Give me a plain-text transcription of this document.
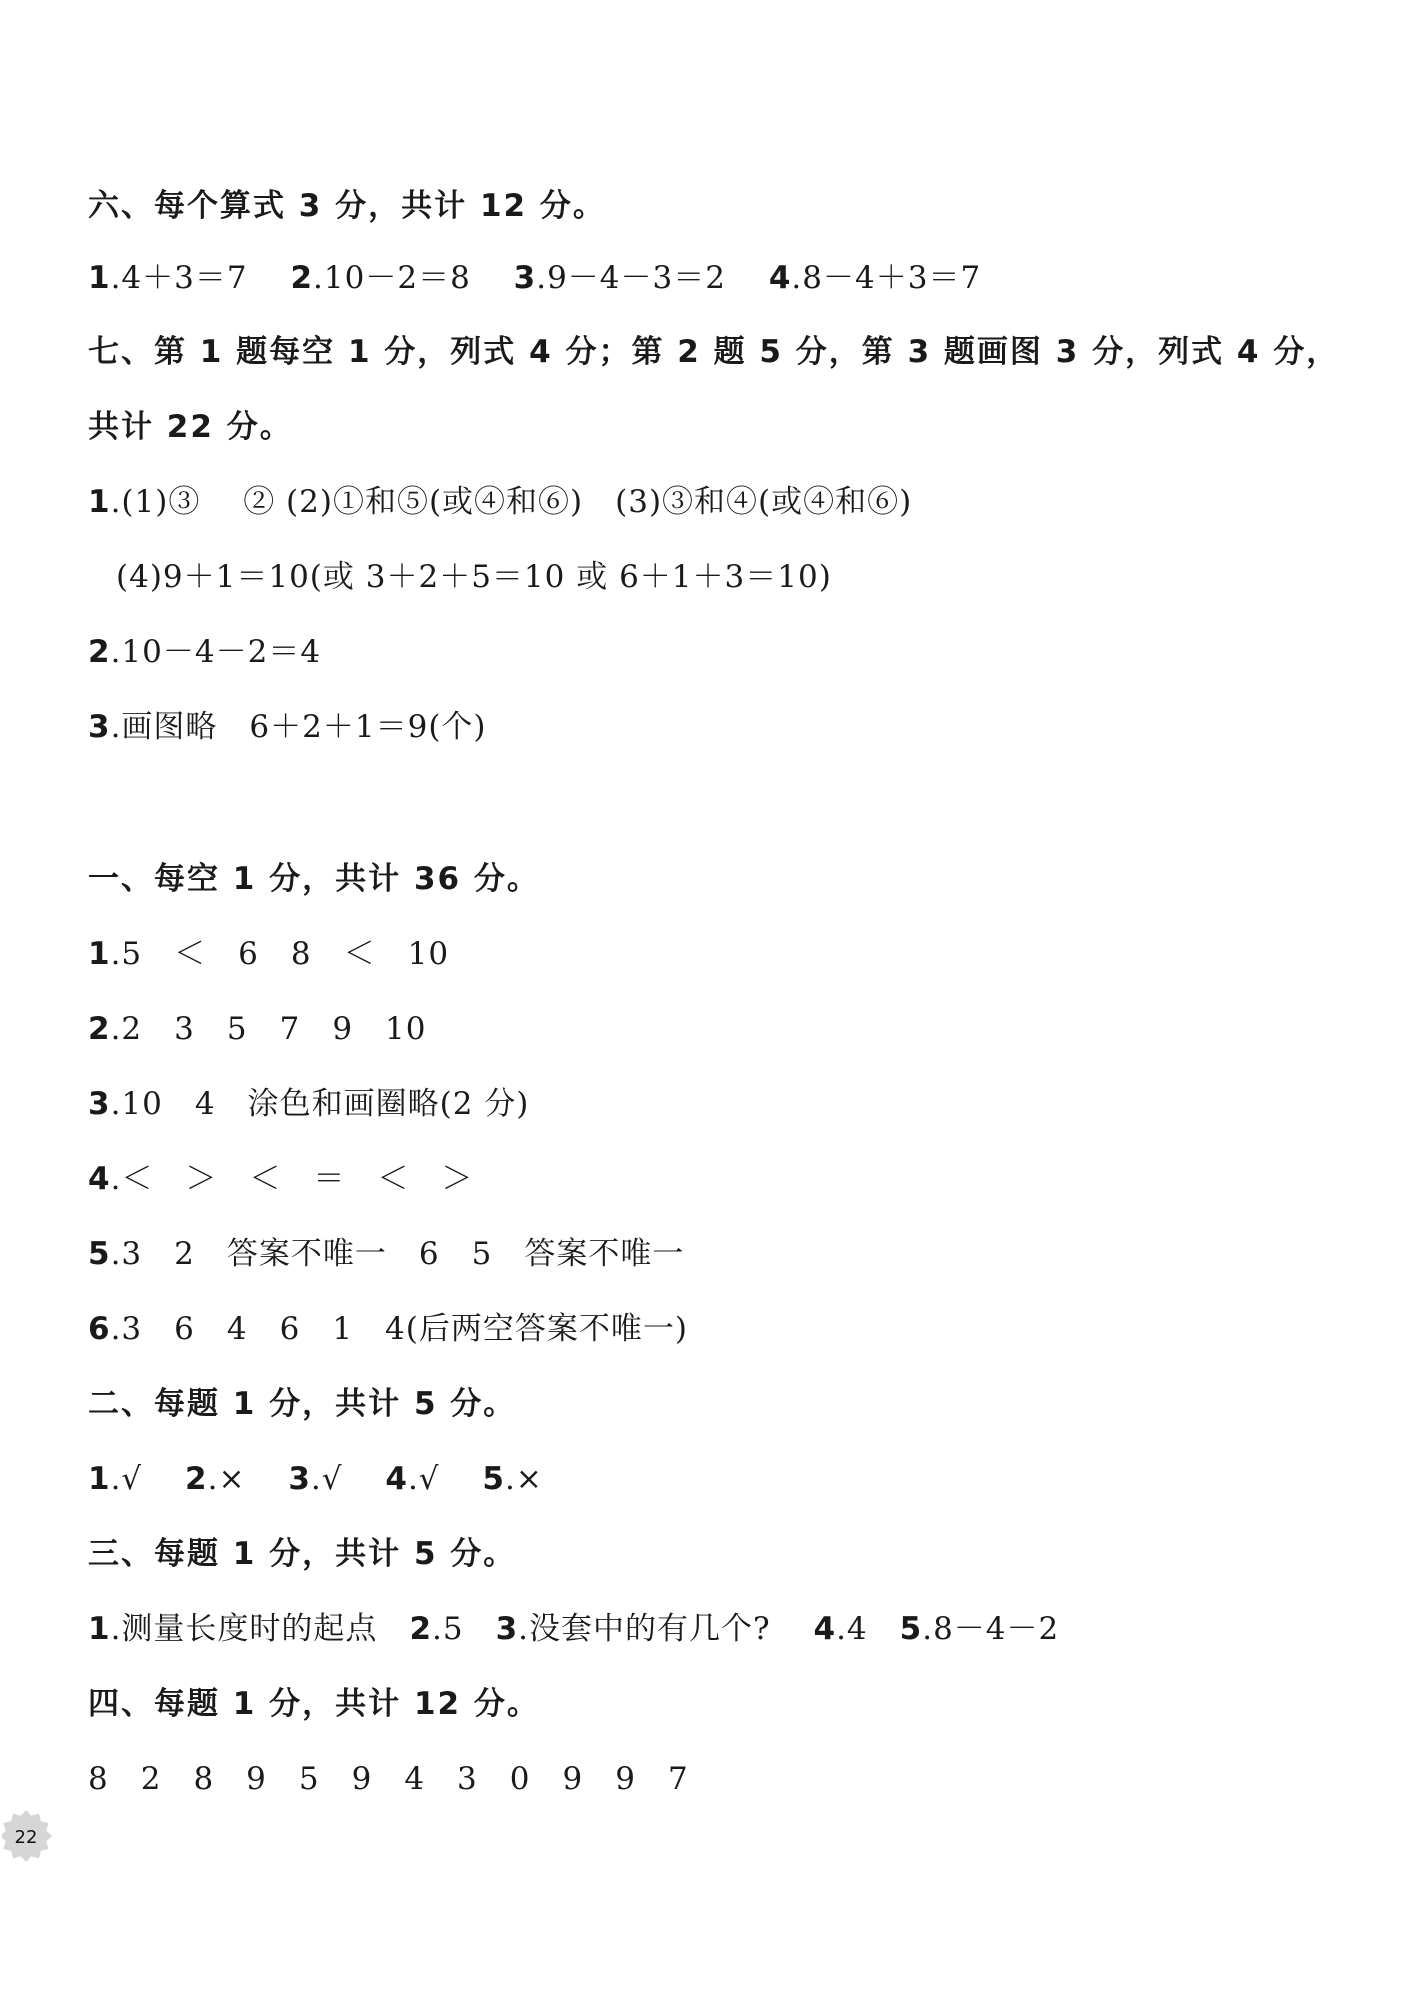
六、每个算式 3 分，共计 12 分。
1.4＋3＝7　 2.10－2＝8　 3.9－4－3＝2　 4.8－4＋3＝7
七、第 1 题每空 1 分，列式 4 分；第 2 题 5 分，第 3 题画图 3 分，列式 4 分，
共计 22 分。
1.(1)③　 ② (2)①和⑤(或④和⑥)　(3)③和④(或④和⑥)
(4)9＋1＝10(或 3＋2＋5＝10 或 6＋1＋3＝10)
2.10－4－2＝4
3.画图略　6＋2＋1＝9(个)
一、每空 1 分，共计 36 分。
1.5　＜　6　8　＜　10
2.2　3　5　7　9　10
3.10　4　涂色和画圈略(2 分)
4.＜　＞　＜　＝　＜　＞
5.3　2　答案不唯一　6　5　答案不唯一
6.3　6　4　6　1　4(后两空答案不唯一)
二、每题 1 分，共计 5 分。
1.√　 2.×　 3.√　 4.√　 5.×
三、每题 1 分，共计 5 分。
1.测量长度时的起点　2.5　3.没套中的有几个?　 4.4　5.8－4－2
四、每题 1 分，共计 12 分。
8　2　8　9　5　9　4　3　0　9　9　7
22
